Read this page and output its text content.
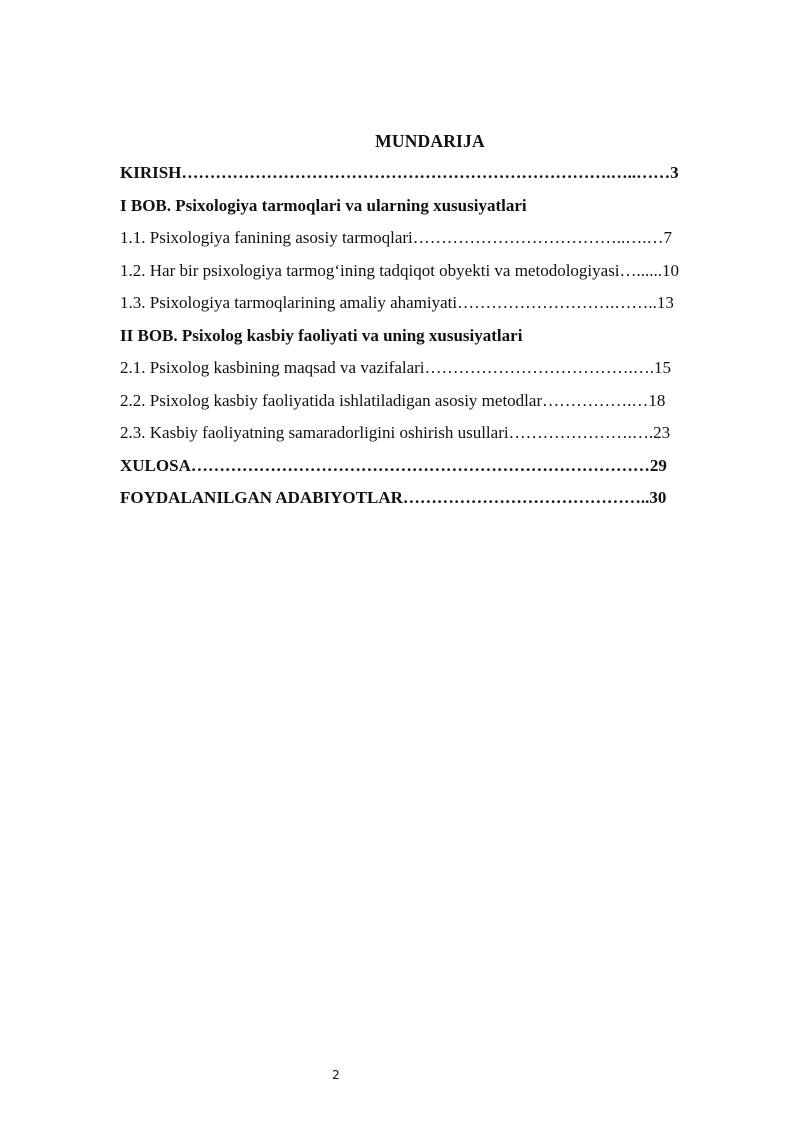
MUNDARIJA
KIRISH………………………………………………………………….…..……3
I BOB. Psixologiya tarmoqlari va ularning xususiyatlari
1.1. Psixologiya fanining asosiy tarmoqlari………………………………..….…7
1.2. Har bir psixologiya tarmog‘ining tadqiqot obyekti va metodologiyasi…......10
1.3. Psixologiya tarmoqlarining amaliy ahamiyati……………………….……..13
II BOB. Psixolog kasbiy faoliyati va uning xususiyatlari
2.1. Psixolog kasbining maqsad va vazifalari……………………………….….15
2.2. Psixolog kasbiy faoliyatida ishlatiladigan asosiy metodlar…………….…18
2.3. Kasbiy faoliyatning samaradorligini oshirish usullari………………….….23
XULOSA………………………………………………………………………29
FOYDALANILGAN ADABIYOTLAR……………………………………..30
2
